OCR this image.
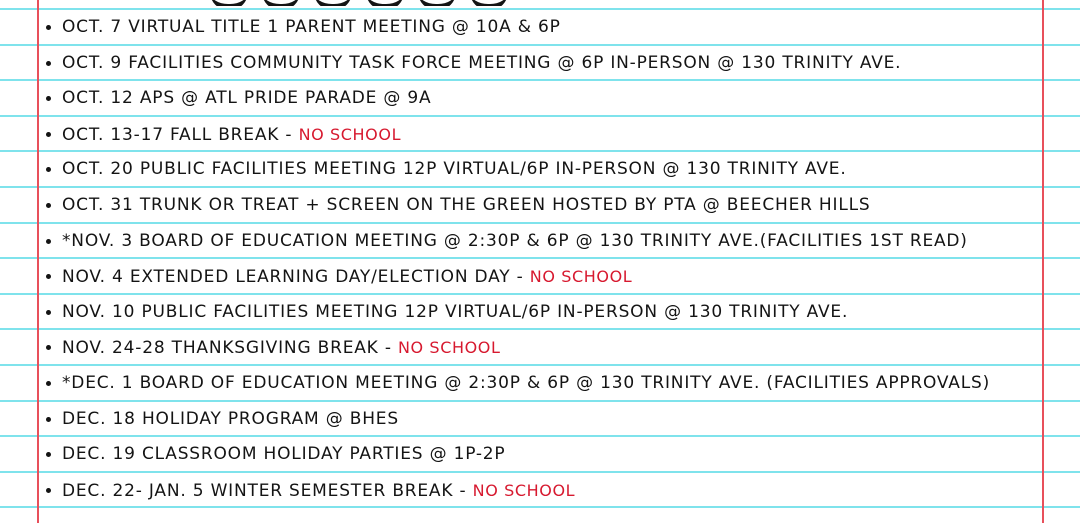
OCT. 7 VIRTUAL TITLE 1 PARENT MEETING @ 10A & 6P
OCT. 9 FACILITIES COMMUNITY TASK FORCE MEETING @ 6P IN-PERSON @ 130 TRINITY AVE.
OCT. 12 APS @ ATL PRIDE PARADE @ 9A
OCT. 13-17 FALL BREAK - NO SCHOOL
OCT. 20 PUBLIC FACILITIES MEETING 12P VIRTUAL/6P IN-PERSON @ 130 TRINITY AVE.
OCT. 31 TRUNK OR TREAT + SCREEN ON THE GREEN HOSTED BY PTA @ BEECHER HILLS
*NOV. 3 BOARD OF EDUCATION MEETING @ 2:30P & 6P @ 130 TRINITY AVE.(FACILITIES 1ST READ)
NOV. 4 EXTENDED LEARNING DAY/ELECTION DAY - NO SCHOOL
NOV. 10 PUBLIC FACILITIES MEETING 12P VIRTUAL/6P IN-PERSON @ 130 TRINITY AVE.
NOV. 24-28 THANKSGIVING BREAK - NO SCHOOL
*DEC. 1 BOARD OF EDUCATION MEETING @ 2:30P & 6P @ 130 TRINITY AVE. (FACILITIES APPROVALS)
DEC. 18 HOLIDAY PROGRAM @ BHES
DEC. 19 CLASSROOM HOLIDAY PARTIES @ 1P-2P
DEC. 22- JAN. 5 WINTER SEMESTER BREAK - NO SCHOOL
